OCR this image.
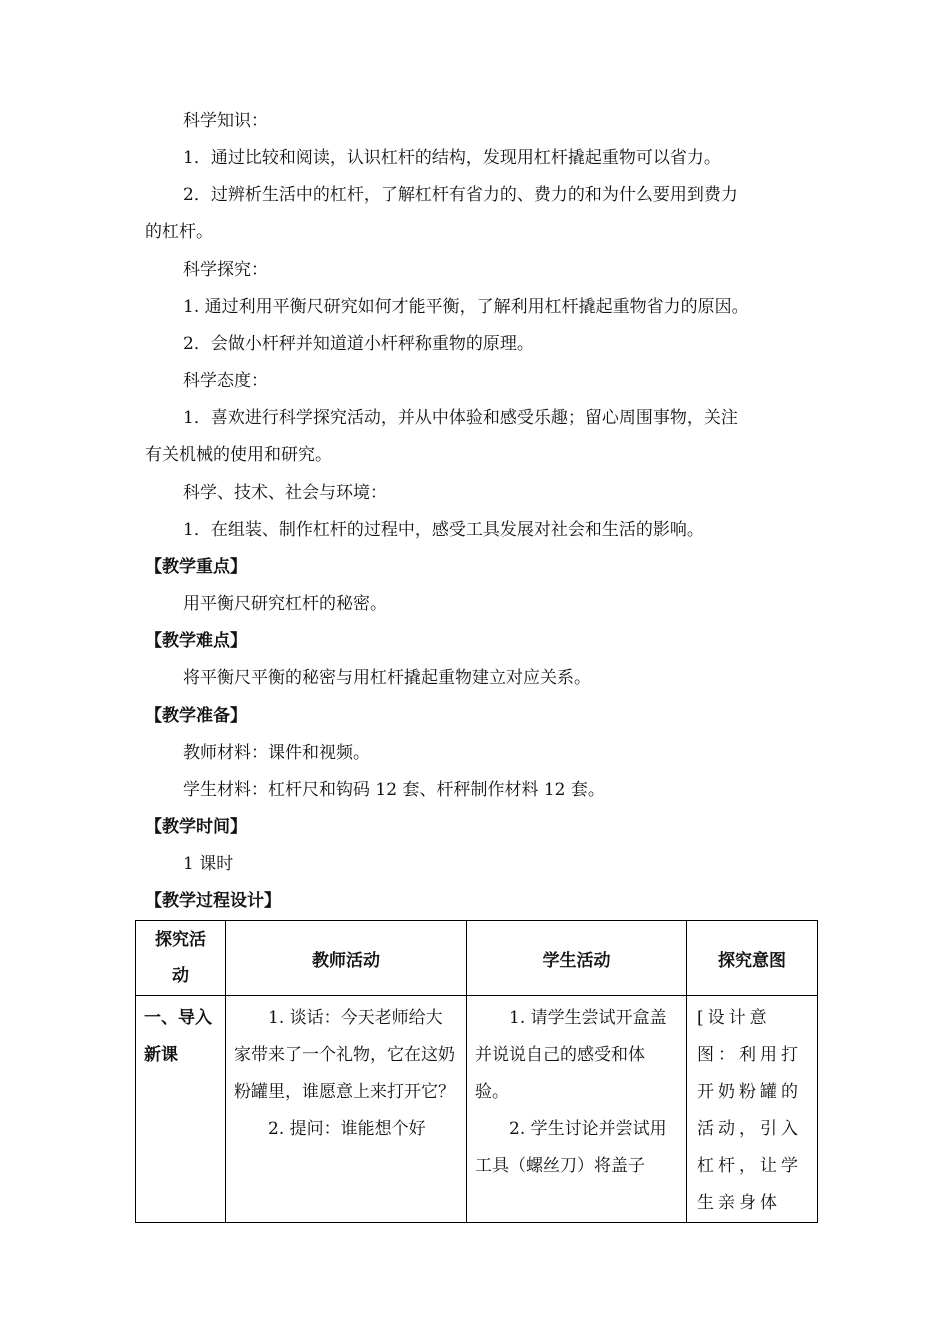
科学知识：
1．通过比较和阅读，认识杠杆的结构，发现用杠杆撬起重物可以省力。
2．过辨析生活中的杠杆，了解杠杆有省力的、费力的和为什么要用到费力
的杠杆。
科学探究：
1. 通过利用平衡尺研究如何才能平衡，了解利用杠杆撬起重物省力的原因。
2．会做小杆秤并知道道小杆秤称重物的原理。
科学态度：
1．喜欢进行科学探究活动，并从中体验和感受乐趣；留心周围事物，关注
有关机械的使用和研究。
科学、技术、社会与环境：
1．在组装、制作杠杆的过程中，感受工具发展对社会和生活的影响。
【教学重点】
用平衡尺研究杠杆的秘密。
【教学难点】
将平衡尺平衡的秘密与用杠杆撬起重物建立对应关系。
【教学准备】
教师材料：课件和视频。
学生材料：杠杆尺和钩码 12 套、杆秤制作材料 12 套。
【教学时间】
1 课时
【教学过程设计】
探究活
动	教师活动	学生活动	探究意图

一、导入
新课	1. 谈话：今天老师给大家带来了一个礼物，它在这奶粉罐里，谁愿意上来打开它？
2. 提问：谁能想个好	1. 请学生尝试开盒盖并说说自己的感受和体验。
2. 学生讨论并尝试用工具（螺丝刀）将盖子	[设计意图：利用打开奶粉罐的活动，引入杠杆，让学生亲身体
